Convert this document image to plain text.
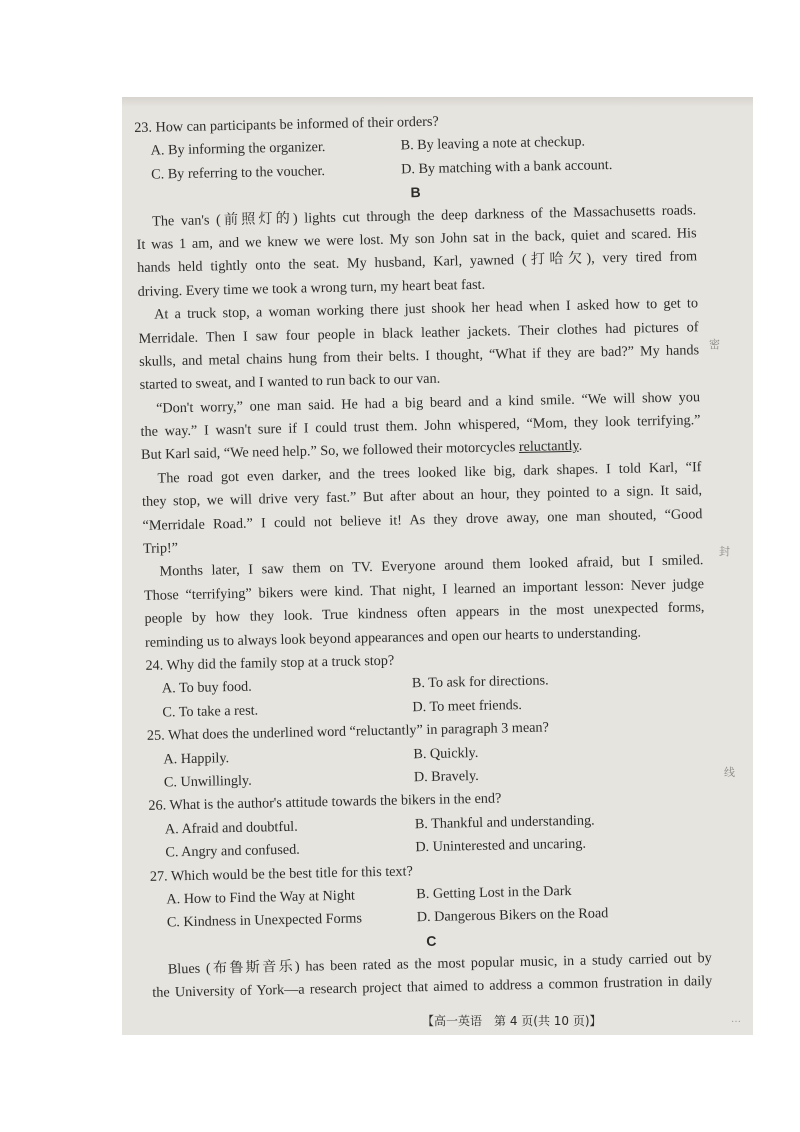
23. How can participants be informed of their orders?
A. By informing the organizer.	B. By leaving a note at checkup.
C. By referring to the voucher.	D. By matching with a bank account.
B
The van's (前照灯的) lights cut through the deep darkness of the Massachusetts roads.
It was 1 am, and we knew we were lost. My son John sat in the back, quiet and scared. His
hands held tightly onto the seat. My husband, Karl, yawned (打哈欠), very tired from
driving. Every time we took a wrong turn, my heart beat fast.
At a truck stop, a woman working there just shook her head when I asked how to get to
Merridale. Then I saw four people in black leather jackets. Their clothes had pictures of
skulls, and metal chains hung from their belts. I thought, “What if they are bad?” My hands
started to sweat, and I wanted to run back to our van.
“Don't worry,” one man said. He had a big beard and a kind smile. “We will show you
the way.” I wasn't sure if I could trust them. John whispered, “Mom, they look terrifying.”
But Karl said, “We need help.” So, we followed their motorcycles reluctantly.
The road got even darker, and the trees looked like big, dark shapes. I told Karl, “If
they stop, we will drive very fast.” But after about an hour, they pointed to a sign. It said,
“Merridale Road.” I could not believe it! As they drove away, one man shouted, “Good
Trip!”
Months later, I saw them on TV. Everyone around them looked afraid, but I smiled.
Those “terrifying” bikers were kind. That night, I learned an important lesson: Never judge
people by how they look. True kindness often appears in the most unexpected forms,
reminding us to always look beyond appearances and open our hearts to understanding.
24. Why did the family stop at a truck stop?
A. To buy food.	B. To ask for directions.
C. To take a rest.	D. To meet friends.
25. What does the underlined word “reluctantly” in paragraph 3 mean?
A. Happily.	B. Quickly.
C. Unwillingly.	D. Bravely.
26. What is the author's attitude towards the bikers in the end?
A. Afraid and doubtful.	B. Thankful and understanding.
C. Angry and confused.	D. Uninterested and uncaring.
27. Which would be the best title for this text?
A. How to Find the Way at Night	B. Getting Lost in the Dark
C. Kindness in Unexpected Forms	D. Dangerous Bikers on the Road
C
Blues (布鲁斯音乐) has been rated as the most popular music, in a study carried out by
the University of York—a research project that aimed to address a common frustration in daily
【高一英语　第 4 页(共 10 页)】	…
密
封
线
